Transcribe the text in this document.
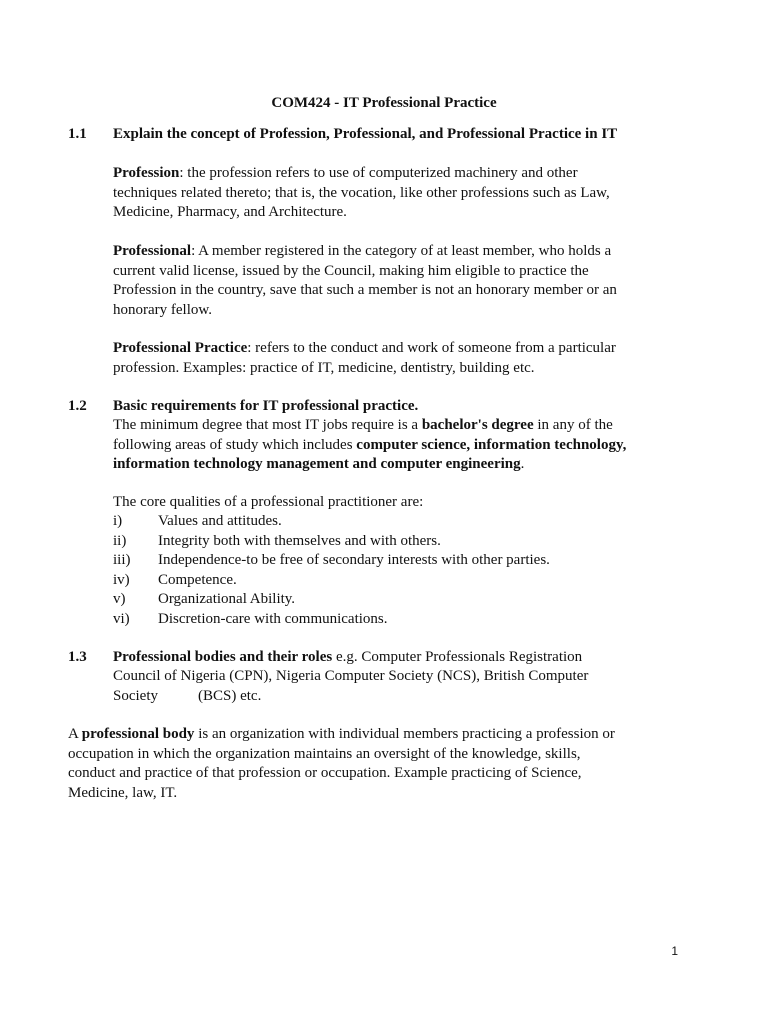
COM424 - IT Professional Practice
1.1 Explain the concept of Profession, Professional, and Professional Practice in IT

Profession: the profession refers to use of computerized machinery and other
techniques related thereto; that is, the vocation, like other professions such as Law,
Medicine, Pharmacy, and Architecture.

Professional: A member registered in the category of at least member, who holds a
current valid license, issued by the Council, making him eligible to practice the
Profession in the country, save that such a member is not an honorary member or an
honorary fellow.

Professional Practice: refers to the conduct and work of someone from a particular
profession. Examples: practice of IT, medicine, dentistry, building etc.

1.2 Basic requirements for IT professional practice.

The minimum degree that most IT jobs require is a bachelor's degree in any of the
following areas of study which includes computer science, information technology,
information technology management and computer engineering.

The core qualities of a professional practitioner are:

i) Values and attitudes.
ii) Integrity both with themselves and with others.
iii) Independence-to be free of secondary interests with other parties.
iv) Competence.
v) Organizational Ability.
vi) Discretion-care with communications.
1.3 Professional bodies and their roles e.g. Computer Professionals Registration

Council of Nigeria (CPN), Nigeria Computer Society (NCS), British Computer
Society	(BCS) etc.

A professional body is an organization with individual members practicing a profession or
occupation in which the organization maintains an oversight of the knowledge, skills,
conduct and practice of that profession or occupation. Example practicing of Science,
Medicine, law, IT.

1
